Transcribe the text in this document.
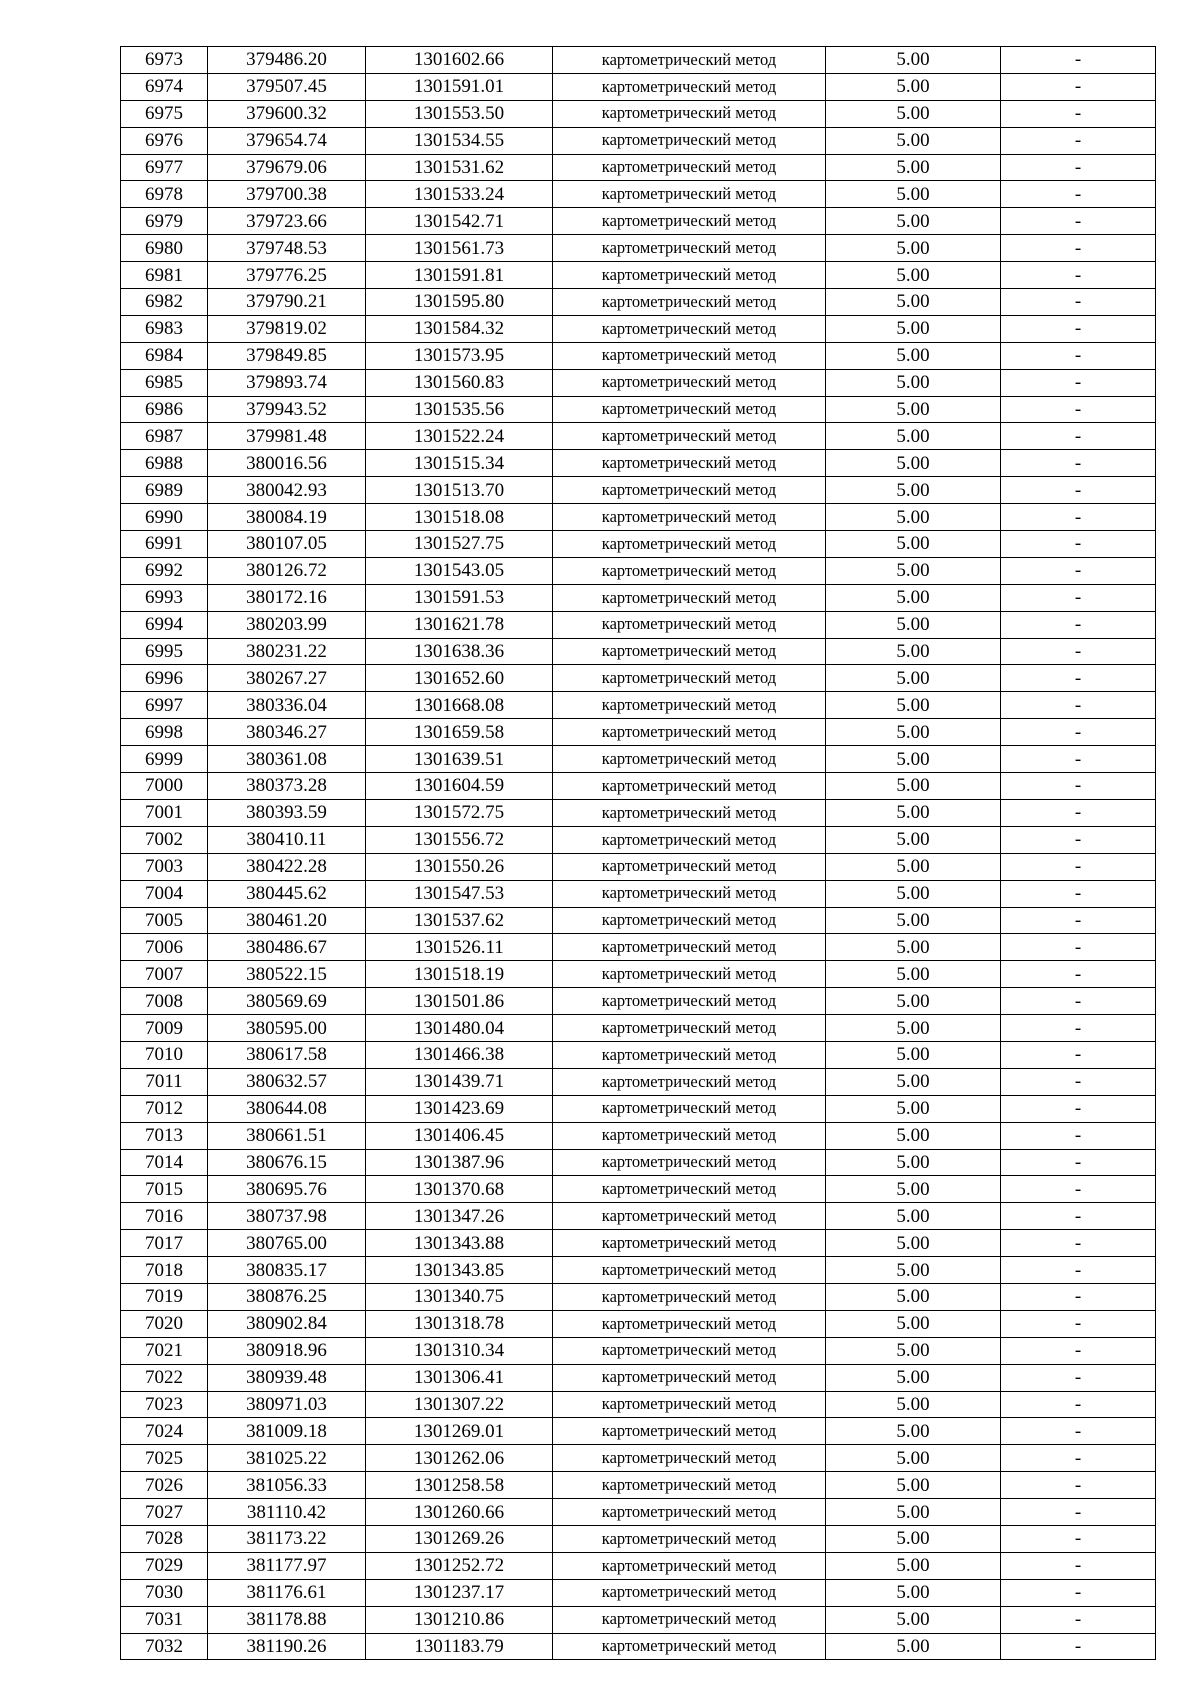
6973	379486.20	1301602.66	картометрический метод	5.00	-
6974	379507.45	1301591.01	картометрический метод	5.00	-
6975	379600.32	1301553.50	картометрический метод	5.00	-
6976	379654.74	1301534.55	картометрический метод	5.00	-
6977	379679.06	1301531.62	картометрический метод	5.00	-
6978	379700.38	1301533.24	картометрический метод	5.00	-
6979	379723.66	1301542.71	картометрический метод	5.00	-
6980	379748.53	1301561.73	картометрический метод	5.00	-
6981	379776.25	1301591.81	картометрический метод	5.00	-
6982	379790.21	1301595.80	картометрический метод	5.00	-
6983	379819.02	1301584.32	картометрический метод	5.00	-
6984	379849.85	1301573.95	картометрический метод	5.00	-
6985	379893.74	1301560.83	картометрический метод	5.00	-
6986	379943.52	1301535.56	картометрический метод	5.00	-
6987	379981.48	1301522.24	картометрический метод	5.00	-
6988	380016.56	1301515.34	картометрический метод	5.00	-
6989	380042.93	1301513.70	картометрический метод	5.00	-
6990	380084.19	1301518.08	картометрический метод	5.00	-
6991	380107.05	1301527.75	картометрический метод	5.00	-
6992	380126.72	1301543.05	картометрический метод	5.00	-
6993	380172.16	1301591.53	картометрический метод	5.00	-
6994	380203.99	1301621.78	картометрический метод	5.00	-
6995	380231.22	1301638.36	картометрический метод	5.00	-
6996	380267.27	1301652.60	картометрический метод	5.00	-
6997	380336.04	1301668.08	картометрический метод	5.00	-
6998	380346.27	1301659.58	картометрический метод	5.00	-
6999	380361.08	1301639.51	картометрический метод	5.00	-
7000	380373.28	1301604.59	картометрический метод	5.00	-
7001	380393.59	1301572.75	картометрический метод	5.00	-
7002	380410.11	1301556.72	картометрический метод	5.00	-
7003	380422.28	1301550.26	картометрический метод	5.00	-
7004	380445.62	1301547.53	картометрический метод	5.00	-
7005	380461.20	1301537.62	картометрический метод	5.00	-
7006	380486.67	1301526.11	картометрический метод	5.00	-
7007	380522.15	1301518.19	картометрический метод	5.00	-
7008	380569.69	1301501.86	картометрический метод	5.00	-
7009	380595.00	1301480.04	картометрический метод	5.00	-
7010	380617.58	1301466.38	картометрический метод	5.00	-
7011	380632.57	1301439.71	картометрический метод	5.00	-
7012	380644.08	1301423.69	картометрический метод	5.00	-
7013	380661.51	1301406.45	картометрический метод	5.00	-
7014	380676.15	1301387.96	картометрический метод	5.00	-
7015	380695.76	1301370.68	картометрический метод	5.00	-
7016	380737.98	1301347.26	картометрический метод	5.00	-
7017	380765.00	1301343.88	картометрический метод	5.00	-
7018	380835.17	1301343.85	картометрический метод	5.00	-
7019	380876.25	1301340.75	картометрический метод	5.00	-
7020	380902.84	1301318.78	картометрический метод	5.00	-
7021	380918.96	1301310.34	картометрический метод	5.00	-
7022	380939.48	1301306.41	картометрический метод	5.00	-
7023	380971.03	1301307.22	картометрический метод	5.00	-
7024	381009.18	1301269.01	картометрический метод	5.00	-
7025	381025.22	1301262.06	картометрический метод	5.00	-
7026	381056.33	1301258.58	картометрический метод	5.00	-
7027	381110.42	1301260.66	картометрический метод	5.00	-
7028	381173.22	1301269.26	картометрический метод	5.00	-
7029	381177.97	1301252.72	картометрический метод	5.00	-
7030	381176.61	1301237.17	картометрический метод	5.00	-
7031	381178.88	1301210.86	картометрический метод	5.00	-
7032	381190.26	1301183.79	картометрический метод	5.00	-
